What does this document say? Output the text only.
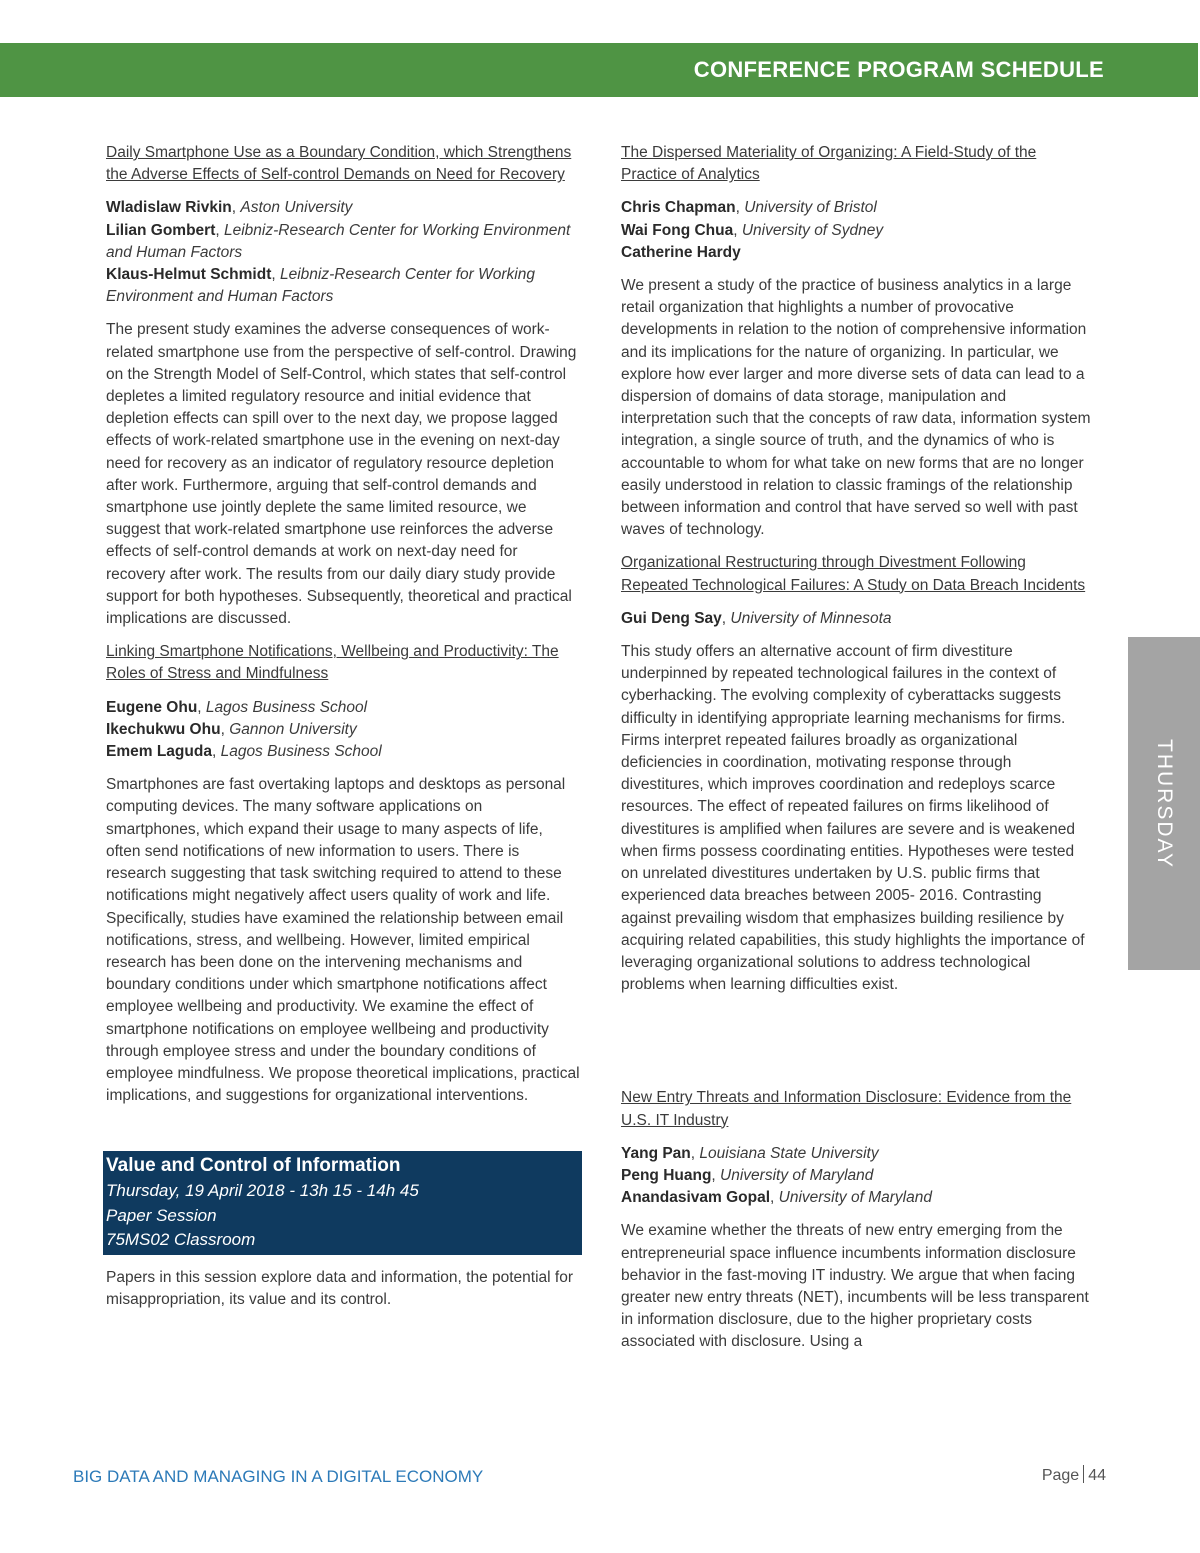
CONFERENCE PROGRAM SCHEDULE
Daily Smartphone Use as a Boundary Condition, which Strengthens the Adverse Effects of Self-control Demands on Need for Recovery
Wladislaw Rivkin, Aston University
Lilian Gombert, Leibniz-Research Center for Working Environment and Human Factors
Klaus-Helmut Schmidt, Leibniz-Research Center for Working Environment and Human Factors

The present study examines the adverse consequences of work-related smartphone use from the perspective of self-control. Drawing on the Strength Model of Self-Control, which states that self-control depletes a limited regulatory resource and initial evidence that depletion effects can spill over to the next day, we propose lagged effects of work-related smartphone use in the evening on next-day need for recovery as an indicator of regulatory resource depletion after work. Furthermore, arguing that self-control demands and smartphone use jointly deplete the same limited resource, we suggest that work-related smartphone use reinforces the adverse effects of self-control demands at work on next-day need for recovery after work. The results from our daily diary study provide support for both hypotheses. Subsequently, theoretical and practical implications are discussed.

Linking Smartphone Notifications, Wellbeing and Productivity: The Roles of Stress and Mindfulness
Eugene Ohu, Lagos Business School
Ikechukwu Ohu, Gannon University
Emem Laguda, Lagos Business School

Smartphones are fast overtaking laptops and desktops as personal computing devices. The many software applications on smartphones, which expand their usage to many aspects of life, often send notifications of new information to users. There is research suggesting that task switching required to attend to these notifications might negatively affect users quality of work and life. Specifically, studies have examined the relationship between email notifications, stress, and wellbeing. However, limited empirical research has been done on the intervening mechanisms and boundary conditions under which smartphone notifications affect employee wellbeing and productivity. We examine the effect of smartphone notifications on employee wellbeing and productivity through employee stress and under the boundary conditions of employee mindfulness. We propose theoretical implications, practical implications, and suggestions for organizational interventions.

Value and Control of Information
Thursday, 19 April 2018 - 13h 15 - 14h 45
Paper Session
75MS02 Classroom

Papers in this session explore data and information, the potential for misappropriation, its value and its control.

The Dispersed Materiality of Organizing: A Field-Study of the Practice of Analytics
Chris Chapman, University of Bristol
Wai Fong Chua, University of Sydney
Catherine Hardy

We present a study of the practice of business analytics in a large retail organization that highlights a number of provocative developments in relation to the notion of comprehensive information and its implications for the nature of organizing. In particular, we explore how ever larger and more diverse sets of data can lead to a dispersion of domains of data storage, manipulation and interpretation such that the concepts of raw data, information system integration, a single source of truth, and the dynamics of who is accountable to whom for what take on new forms that are no longer easily understood in relation to classic framings of the relationship between information and control that have served so well with past waves of technology.

Organizational Restructuring through Divestment Following Repeated Technological Failures: A Study on Data Breach Incidents
Gui Deng Say, University of Minnesota

This study offers an alternative account of firm divestiture underpinned by repeated technological failures in the context of cyberhacking. The evolving complexity of cyberattacks suggests difficulty in identifying appropriate learning mechanisms for firms. Firms interpret repeated failures broadly as organizational deficiencies in coordination, motivating response through divestitures, which improves coordination and redeploys scarce resources. The effect of repeated failures on firms likelihood of divestitures is amplified when failures are severe and is weakened when firms possess coordinating entities. Hypotheses were tested on unrelated divestitures undertaken by U.S. public firms that experienced data breaches between 2005- 2016. Contrasting against prevailing wisdom that emphasizes building resilience by acquiring related capabilities, this study highlights the importance of leveraging organizational solutions to address technological problems when learning difficulties exist.

New Entry Threats and Information Disclosure: Evidence from the U.S. IT Industry
Yang Pan, Louisiana State University
Peng Huang, University of Maryland
Anandasivam Gopal, University of Maryland

We examine whether the threats of new entry emerging from the entrepreneurial space influence incumbents information disclosure behavior in the fast-moving IT industry. We argue that when facing greater new entry threats (NET), incumbents will be less transparent in information disclosure, due to the higher proprietary costs associated with disclosure. Using a

THURSDAY
BIG DATA AND MANAGING IN A DIGITAL ECONOMY	Page 44
